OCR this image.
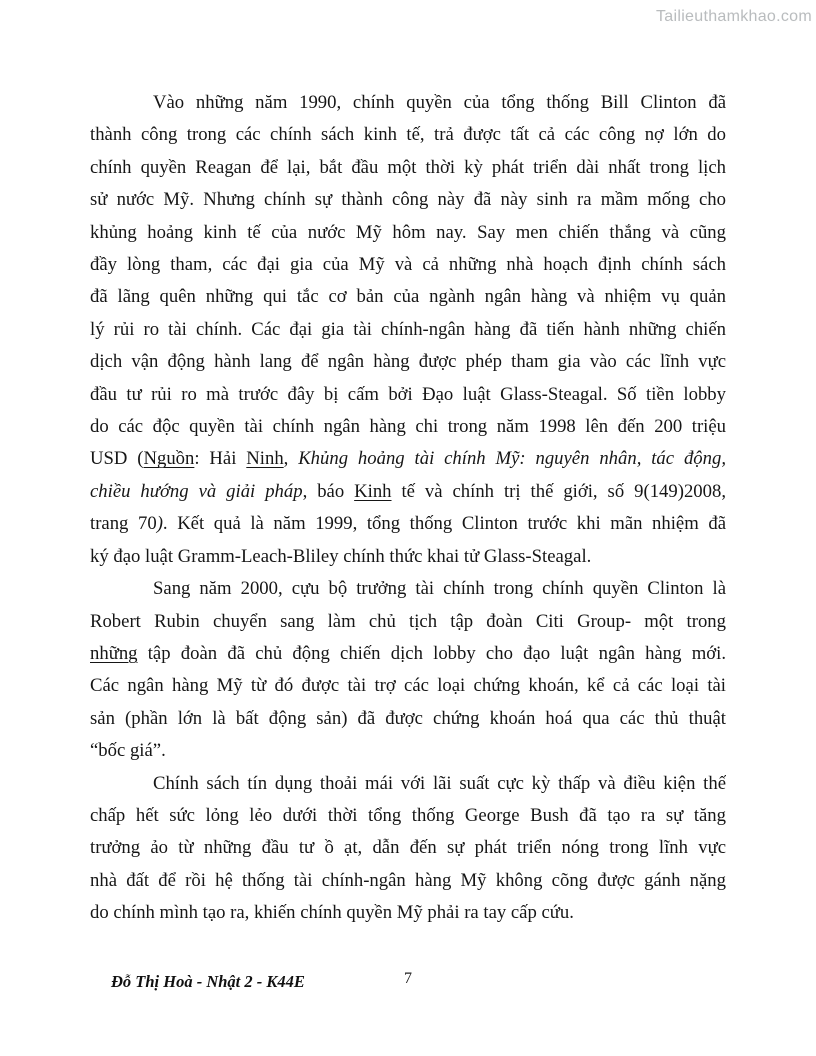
Tailieuthamkhao.com
Vào những năm 1990, chính quyền của tổng thống Bill Clinton đã
thành công trong các chính sách kinh tế, trả được tất cả các công nợ lớn do
chính quyền Reagan để lại, bắt đầu một thời kỳ phát triển dài nhất trong lịch
sử nước Mỹ. Nhưng chính sự thành công này đã này sinh ra mầm mống cho
khủng hoảng kinh tế của nước Mỹ hôm nay. Say men chiến thắng và cũng
đầy lòng tham, các đại gia của Mỹ và cả những nhà hoạch định chính sách
đã lãng quên những qui tắc cơ bản của ngành ngân hàng và nhiệm vụ quản
lý rủi ro tài chính. Các đại gia tài chính-ngân hàng đã tiến hành những chiến
dịch vận động hành lang để ngân hàng được phép tham gia vào các lĩnh vực
đầu tư rủi ro mà trước đây bị cấm bởi Đạo luật Glass-Steagal. Số tiền lobby
do các độc quyền tài chính ngân hàng chi trong năm 1998 lên đến 200 triệu
USD (Nguồn: Hải Ninh, Khủng hoảng tài chính Mỹ: nguyên nhân, tác động,
chiều hướng và giải pháp, báo Kinh tế và chính trị thế giới, số 9(149)2008,
trang 70). Kết quả là năm 1999, tổng thống Clinton trước khi mãn nhiệm đã
ký đạo luật Gramm-Leach-Bliley chính thức khai tử Glass-Steagal.
Sang năm 2000, cựu bộ trưởng tài chính trong chính quyền Clinton là
Robert Rubin chuyển sang làm chủ tịch tập đoàn Citi Group- một trong
những tập đoàn đã chủ động chiến dịch lobby cho đạo luật ngân hàng mới.
Các ngân hàng Mỹ từ đó được tài trợ các loại chứng khoán, kể cả các loại tài
sản (phần lớn là bất động sản) đã được chứng khoán hoá qua các thủ thuật
“bốc giá”.
Chính sách tín dụng thoải mái với lãi suất cực kỳ thấp và điều kiện thế
chấp hết sức lỏng lẻo dưới thời tổng thống George Bush đã tạo ra sự tăng
trưởng ảo từ những đầu tư ồ ạt, dẫn đến sự phát triển nóng trong lĩnh vực
nhà đất để rồi hệ thống tài chính-ngân hàng Mỹ không cõng được gánh nặng
do chính mình tạo ra, khiến chính quyền Mỹ phải ra tay cấp cứu.
Đỗ Thị Hoà - Nhật 2 - K44E	7
